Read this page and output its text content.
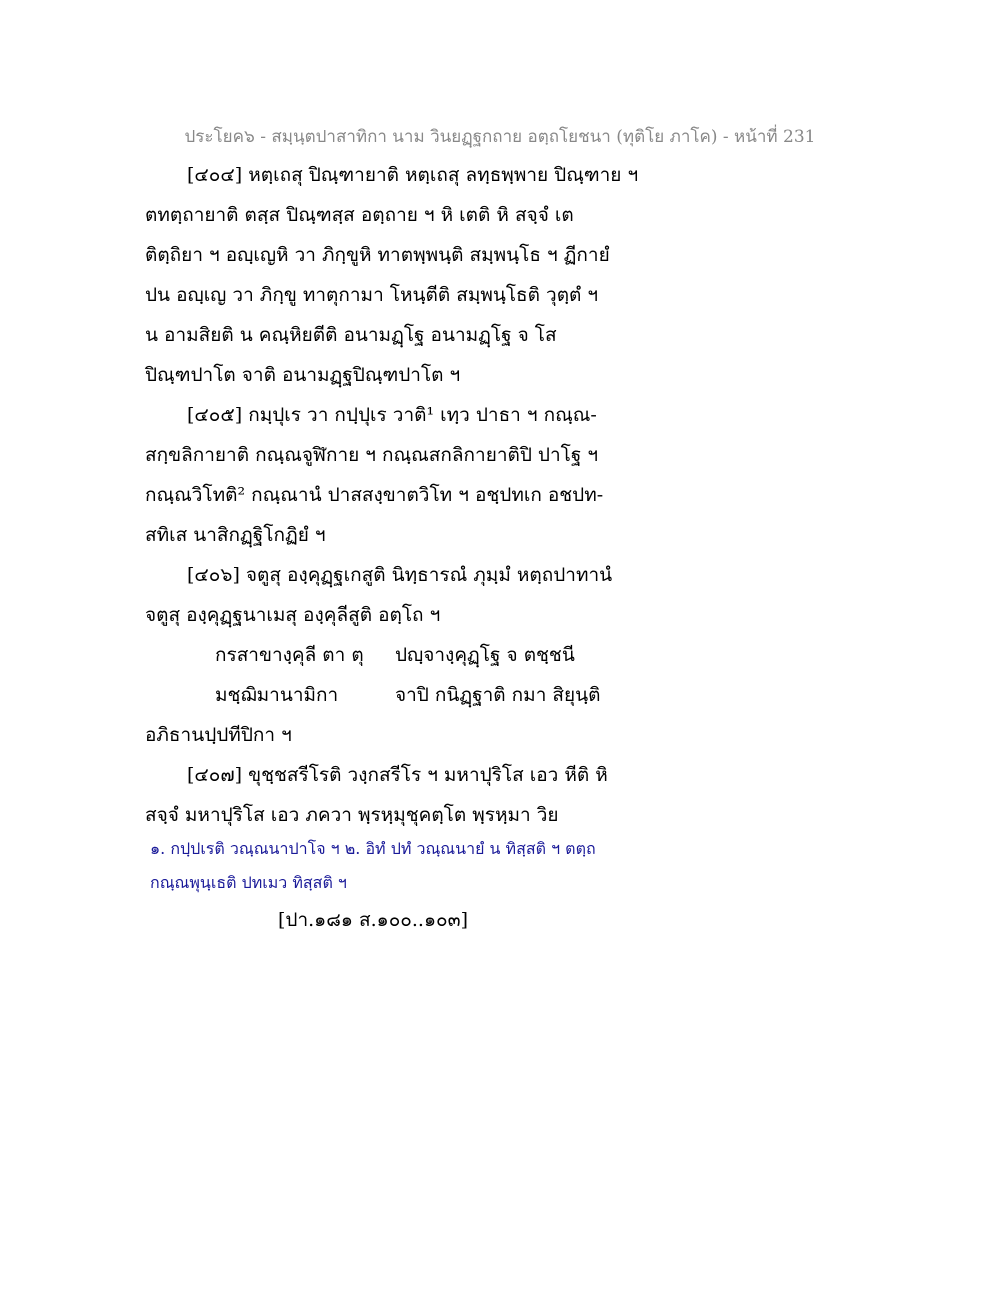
ประโยค๖ - สมฺนฺตปาสาทิกา นาม วินยฏฺฐกถาย อตฺถโยชนา (ทุติโย ภาโค) - หน้าที่ 231
[๔๐๔] หตฺเถสุ ปิณฺฑายาติ หตฺเถสุ ลทฺธพฺพาย ปิณฺฑาย ฯ
ตทตฺถายาติ ตสฺส ปิณฺฑสฺส อตฺถาย ฯ หิ เตติ หิ สจฺจํ เต
ติตฺถิยา ฯ อญฺเญหิ วา ภิกฺขูหิ ทาตพฺพนฺติ สมฺพนฺโธ ฯ ฏีกายํ
ปน อญฺเญ วา ภิกฺขู ทาตุกามา โหนฺตีติ สมฺพนฺโธติ วุตฺตํ ฯ
น อามสิยติ น คณฺหิยตีติ อนามฏฺโฐ อนามฏฺโฐ จ โส
ปิณฺฑปาโต จาติ อนามฏฺฐปิณฺฑปาโต ฯ
[๔๐๕] กมฺปุเร วา กปฺปุเร วาติ¹ เทฺว ปาธา ฯ กณฺณ-
สกฺขลิกายาติ กณฺณจูฬิกาย ฯ กณฺณสกลิกายาติปิ ปาโฐ ฯ
กณฺณวิโทติ² กณฺณานํ ปาสสงฺขาตวิโท ฯ อชฺปทเก อชปท-
สทิเส นาสิกฏฺฐิโกฏิยํ ฯ
[๔๐๖] จตูสุ องฺคุฏฺฐเกสูติ นิทฺธารณํ ภุมฺมํ หตฺถปาทานํ
จตูสุ องฺคุฏฺฐนาเมสุ องฺคุลีสูติ อตฺโถ ฯ
กรสาขางฺคุลี ตา ตุ	ปญฺจางฺคุฏฺโฐ จ ตชฺชนี
มชฺฌิมานามิกา	จาปิ กนิฏฺฐาติ กมา สิยุนฺติ
อภิธานปฺปทีปิกา ฯ
[๔๐๗] ขุชฺชสรีโรติ วงฺกสรีโร ฯ มหาปุริโส เอว หีติ หิ
สจฺจํ มหาปุริโส เอว ภควา พฺรหฺมุชุคตฺโต พฺรหฺมา วิย
๑. กปฺปเรติ วณฺณนาปาโจ ฯ ๒. อิทํ ปทํ วณฺณนายํ น ทิสฺสติ ฯ ตตฺถ
กณฺณพุนฺเธติ ปทเมว ทิสฺสติ ฯ
[ปา.๑๘๑ ส.๑๐๐..๑๐๓]
